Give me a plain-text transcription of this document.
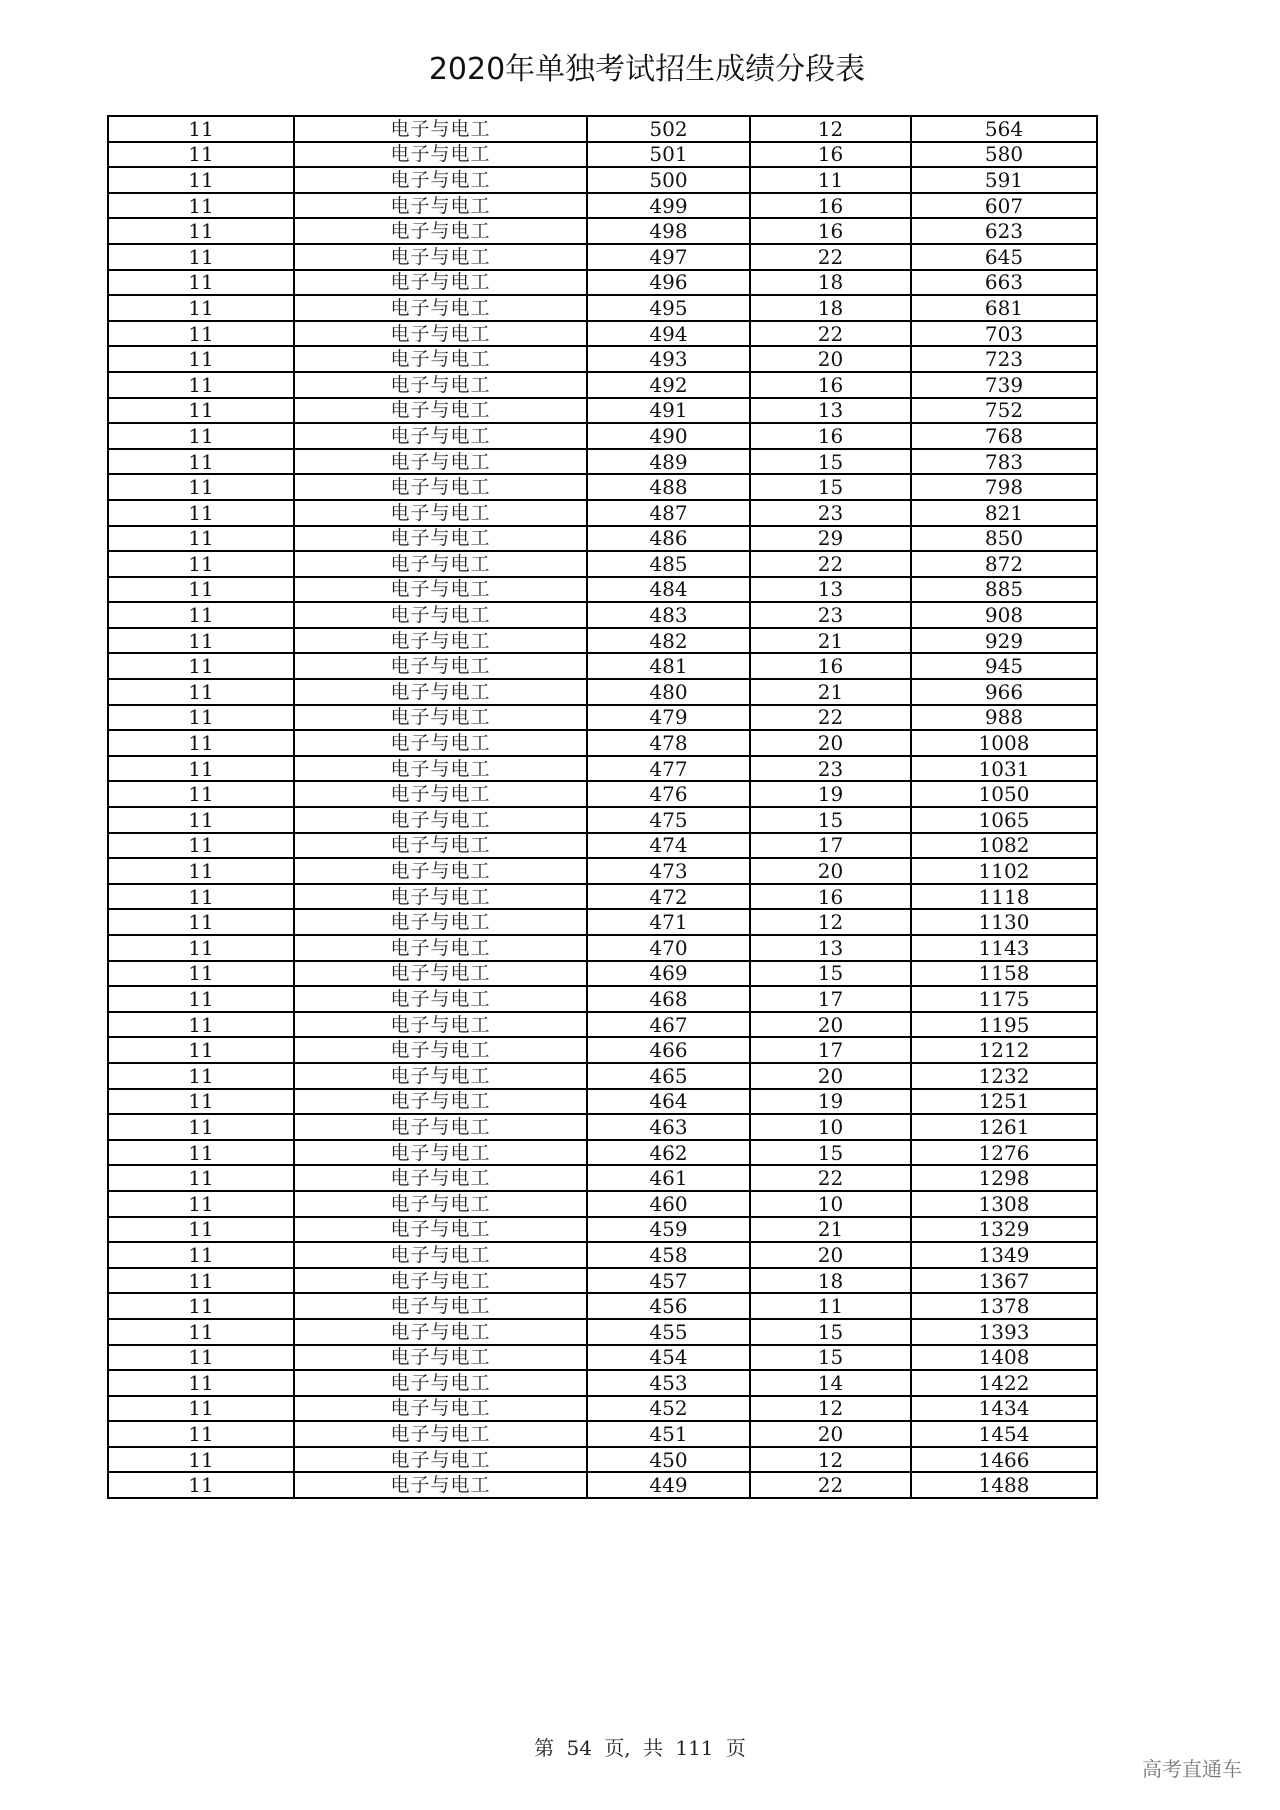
2020年单独考试招生成绩分段表
11	电子与电工	502	12	564
11	电子与电工	501	16	580
11	电子与电工	500	11	591
11	电子与电工	499	16	607
11	电子与电工	498	16	623
11	电子与电工	497	22	645
11	电子与电工	496	18	663
11	电子与电工	495	18	681
11	电子与电工	494	22	703
11	电子与电工	493	20	723
11	电子与电工	492	16	739
11	电子与电工	491	13	752
11	电子与电工	490	16	768
11	电子与电工	489	15	783
11	电子与电工	488	15	798
11	电子与电工	487	23	821
11	电子与电工	486	29	850
11	电子与电工	485	22	872
11	电子与电工	484	13	885
11	电子与电工	483	23	908
11	电子与电工	482	21	929
11	电子与电工	481	16	945
11	电子与电工	480	21	966
11	电子与电工	479	22	988
11	电子与电工	478	20	1008
11	电子与电工	477	23	1031
11	电子与电工	476	19	1050
11	电子与电工	475	15	1065
11	电子与电工	474	17	1082
11	电子与电工	473	20	1102
11	电子与电工	472	16	1118
11	电子与电工	471	12	1130
11	电子与电工	470	13	1143
11	电子与电工	469	15	1158
11	电子与电工	468	17	1175
11	电子与电工	467	20	1195
11	电子与电工	466	17	1212
11	电子与电工	465	20	1232
11	电子与电工	464	19	1251
11	电子与电工	463	10	1261
11	电子与电工	462	15	1276
11	电子与电工	461	22	1298
11	电子与电工	460	10	1308
11	电子与电工	459	21	1329
11	电子与电工	458	20	1349
11	电子与电工	457	18	1367
11	电子与电工	456	11	1378
11	电子与电工	455	15	1393
11	电子与电工	454	15	1408
11	电子与电工	453	14	1422
11	电子与电工	452	12	1434
11	电子与电工	451	20	1454
11	电子与电工	450	12	1466
11	电子与电工	449	22	1488
第 54 页, 共 111 页
高考直通车
